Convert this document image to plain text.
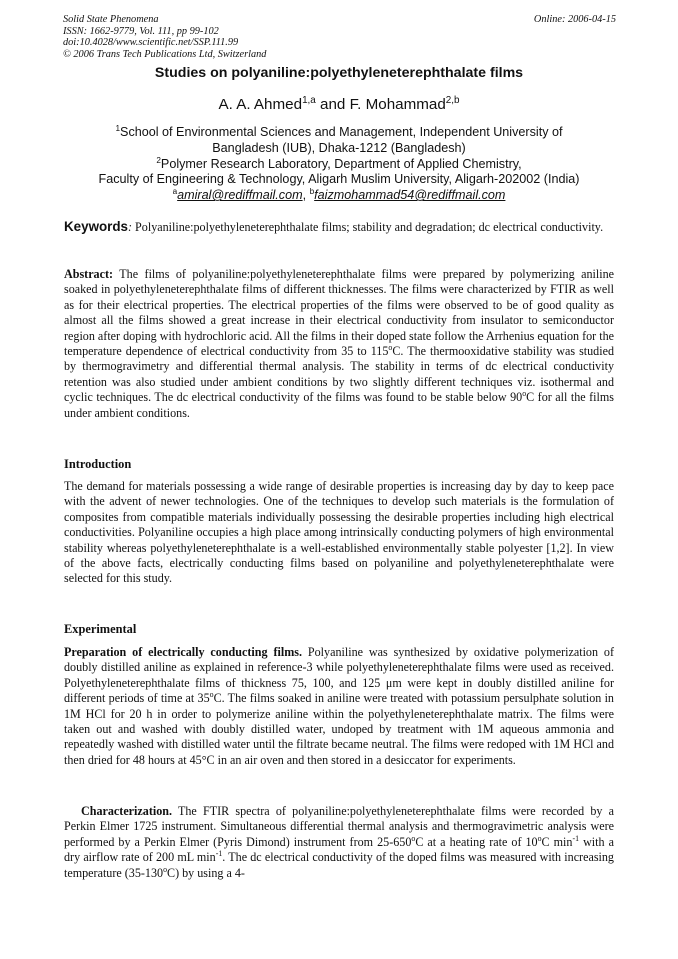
Solid State Phenomena
ISSN: 1662-9779, Vol. 111, pp 99-102
doi:10.4028/www.scientific.net/SSP.111.99
© 2006 Trans Tech Publications Ltd, Switzerland
Online: 2006-04-15
Studies on polyaniline:polyethyleneterephthalate films
A. A. Ahmed$^{1,a}$ and F. Mohammad$^{2,b}$
$^1$School of Environmental Sciences and Management, Independent University of
Bangladesh (IUB), Dhaka-1212 (Bangladesh)
$^2$Polymer Research Laboratory, Department of Applied Chemistry,
Faculty of Engineering & Technology, Aligarh Muslim University, Aligarh-202002 (India)
$^a$amiral@rediffmail.com, $^b$faizmohammad54@rediffmail.com
Keywords: Polyaniline:polyethyleneterephthalate films; stability and degradation; dc electrical conductivity.
Abstract: The films of polyaniline:polyethyleneterephthalate films were prepared by polymerizing aniline soaked in polyethyleneterephthalate films of different thicknesses. The films were characterized by FTIR as well as for their electrical properties. The electrical properties of the films were observed to be of good quality as almost all the films showed a great increase in their electrical conductivity from insulator to semiconductor region after doping with hydrochloric acid. All the films in their doped state follow the Arrhenius equation for the temperature dependence of electrical conductivity from 35 to 115$^o$C. The thermooxidative stability was studied by thermogravimetry and differential thermal analysis. The stability in terms of dc electrical conductivity retention was also studied under ambient conditions by two slightly different techniques viz. isothermal and cyclic techniques. The dc electrical conductivity of the films was found to be stable below 90$^o$C for all the films under ambient conditions.
Introduction
The demand for materials possessing a wide range of desirable properties is increasing day by day to keep pace with the advent of newer technologies. One of the techniques to develop such materials is the formulation of composites from compatible materials individually possessing the desirable properties including high electrical conductivities. Polyaniline occupies a high place among intrinsically conducting polymers of high environmental stability whereas polyethyleneterephthalate is a well-established environmentally stable polyester [1,2]. In view of the above facts, electrically conducting films based on polyaniline and polyethyleneterephthalate were selected for this study.
Experimental
Preparation of electrically conducting films. Polyaniline was synthesized by oxidative polymerization of doubly distilled aniline as explained in reference-3 while polyethyleneterephthalate films were used as received. Polyethyleneterephthalate films of thickness 75, 100, and 125 μm were kept in doubly distilled aniline for different periods of time at 35$^o$C. The films soaked in aniline were treated with potassium persulphate solution in 1M HCl for 20 h in order to polymerize aniline within the polyethyleneterephthalate matrix. The films were taken out and washed with doubly distilled water, undoped by treatment with 1M aqueous ammonia and repeatedly washed with distilled water until the filtrate became neutral. The films were redoped with 1M HCl and then dried for 48 hours at 45°C in an air oven and then stored in a desiccator for experiments.
Characterization. The FTIR spectra of polyaniline:polyethyleneterephthalate films were recorded by a Perkin Elmer 1725 instrument. Simultaneous differential thermal analysis and thermogravimetric analysis were performed by a Perkin Elmer (Pyris Dimond) instrument from 25-650$^o$C at a heating rate of 10$^o$C $\min^{-1}$ with a dry airflow rate of 200 mL $\min^{-1}$. The dc electrical conductivity of the doped films was measured with increasing temperature (35-130$^o$C) by using a 4-
